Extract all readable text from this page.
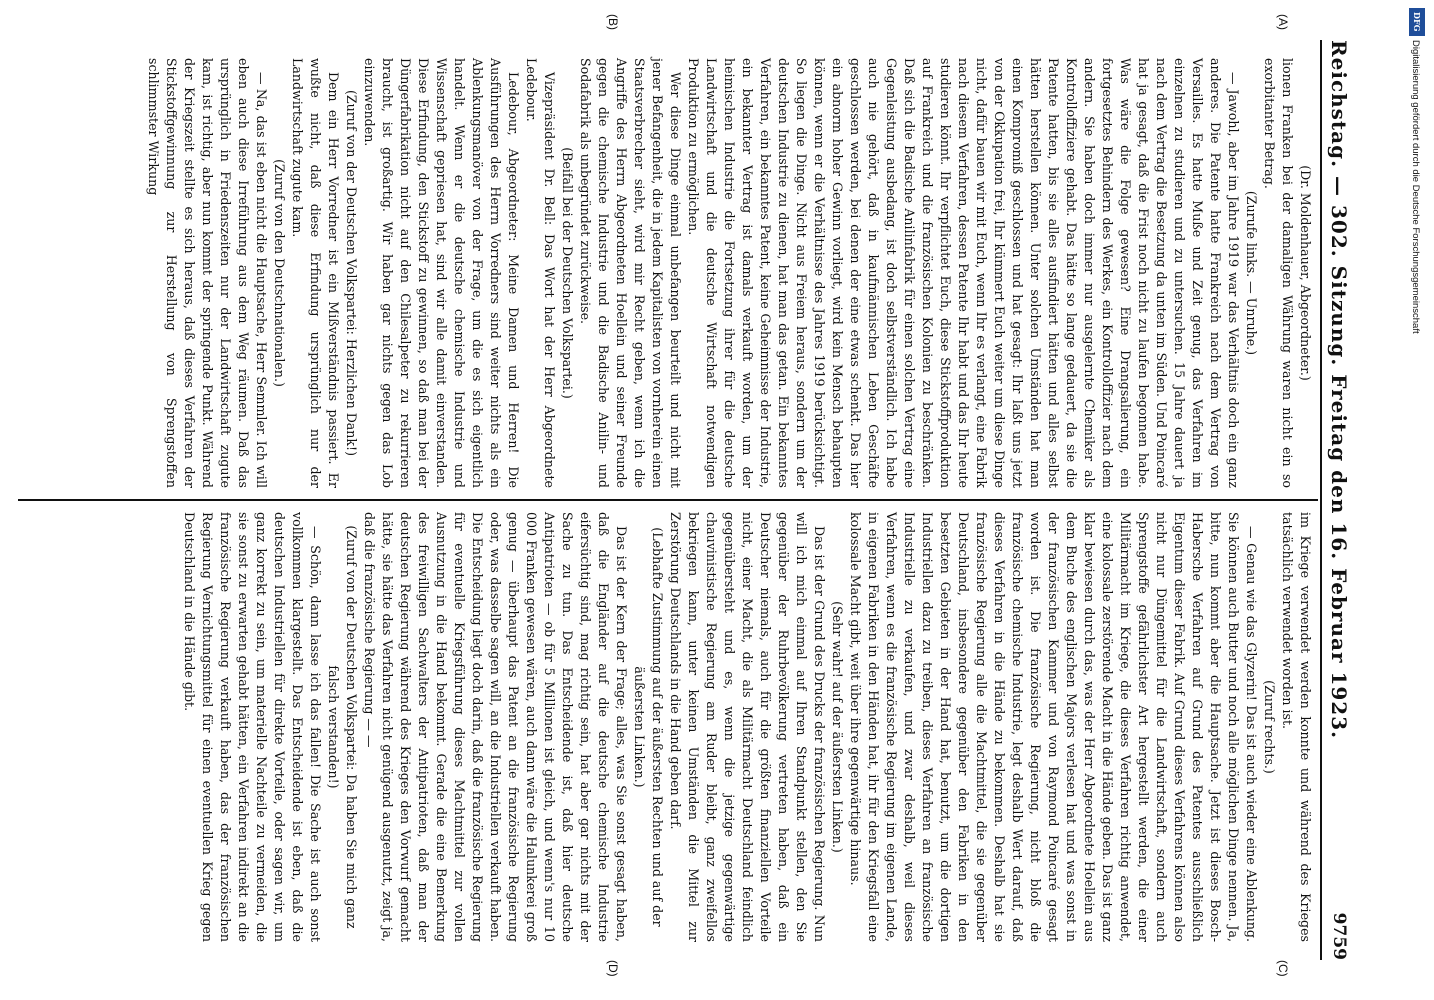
Reichstag. — 302. Sitzung. Freitag den 16. Februar 1923.
9759
(A)
(B)
(C)
(D)

(Dr. Moldenhauer, Abgeordneter.)

lionen Franken bei der damaligen Währung waren nicht ein so exorbitanter Betrag.

(Zurufe links. — Unruhe.)

— Jawohl, aber im Jahre 1919 war das Verhältnis doch ein ganz anderes. Die Patente hatte Frankreich nach dem Vertrag von Versailles. Es hatte Muße und Zeit genug, das Verfahren im einzelnen zu studieren und zu untersuchen. 15 Jahre dauert ja nach dem Vertrag die Besetzung da unten im Süden. Und Poincaré hat ja gesagt, daß die Frist noch nicht zu laufen begonnen habe. Was wäre die Folge gewesen? Eine Drangsalierung, ein fortgesetztes Behindern des Werkes, ein Kontrolloffizier nach dem andern. Sie haben doch immer nur ausgelernte Chemiker als Kontrolloffiziere gehabt. Das hätte so lange gedauert, da sie die Patente hatten, bis sie alles ausfindiert hätten und alles selbst hätten herstellen können. Unter solchen Umständen hat man einen Kompromiß geschlossen und hat gesagt: Ihr laßt uns jetzt von der Okkupation frei, Ihr kümmert Euch weiter um diese Dinge nicht, dafür bauen wir mit Euch, wenn Ihr es verlangt, eine Fabrik nach diesem Verfahren, dessen Patente Ihr habt und das Ihr heute studieren könnt. Ihr verpflichtet Euch, diese Stickstoffproduktion auf Frankreich und die französischen Kolonien zu beschränken. Daß sich die Badische Anilinfabrik für einen solchen Vertrag eine Gegenleistung ausbedang, ist doch selbstverständlich. Ich habe auch nie gehört, daß in kaufmännischen Leben Geschäfte geschlossen werden, bei denen der eine etwas schenkt. Das hier ein abnorm hoher Gewinn vorliegt, wird kein Mensch behaupten können, wenn er die Verhältnisse des Jahres 1919 berücksichtigt. So liegen die Dinge. Nicht aus Freiem heraus, sondern um der deutschen Industrie zu dienen, hat man das getan. Ein bekanntes Verfahren, ein bekanntes Patent, keine Geheimnisse der Industrie, ein bekannter Vertrag ist damals verkauft worden, um der heimischen Industrie die Fortsetzung ihrer für die deutsche Landwirtschaft und die deutsche Wirtschaft notwendigen Produktion zu ermöglichen.

Wer diese Dinge einmal unbefangen beurteilt und nicht mit jener Befangenheit, die in jedem Kapitalisten von vornherein einen Staatsverbrecher sieht, wird mir Recht geben, wenn ich die Angriffe des Herrn Abgeordneten Hoellein und seiner Freunde gegen die chemische Industrie und die Badische Anilin- und Sodafabrik als unbegründet zurückweise.

(Beifall bei der Deutschen Volkspartei.)

Vizepräsident Dr. Bell: Das Wort hat der Herr Abgeordnete Ledebour.

Ledebour, Abgeordneter: Meine Damen und Herren! Die Ausführungen des Herrn Vorredners sind weiter nichts als ein Ablenkungsmanöver von der Frage, um die es sich eigentlich handelt. Wenn er die deutsche chemische Industrie und Wissenschaft gepriesen hat, sind wir alle damit einverstanden. Diese Erfindung, den Stickstoff zu gewinnen, so daß man bei der Düngerfabrikation nicht auf den Chilesalpeter zu rekurrieren braucht, ist großartig. Wir haben gar nichts gegen das Lob einzuwenden.

(Zuruf von der Deutschen Volkspartei: Herzlichen Dank!)

Dem ein Herr Vorredner ist ein Mißverständnis passiert. Er wußte nicht, daß diese Erfindung ursprünglich nur der Landwirtschaft zugute kam.

(Zuruf von den Deutschnationalen.)

— Na, das ist eben nicht die Hauptsache, Herr Semmler. Ich will eben auch diese Irreführung aus dem Weg räumen. Daß das ursprünglich in Friedenszeiten nur der Landwirtschaft zugute kam, ist richtig, aber nun kommt der springende Punkt. Während der Kriegszeit stellte es sich heraus, daß dieses Verfahren der Stickstoffgewinnung zur Herstellung von Sprengstoffen schlimmster Wirkung

im Kriege verwendet werden konnte und während des Krieges tatsächlich verwendet worden ist.

(Zuruf rechts.)

— Genau wie das Glyzerin! Das ist auch wieder eine Ablenkung. Sie können auch Butter und noch alle möglichen Dinge nennen. Ja, bitte, nun kommt aber die Hauptsache. Jetzt ist dieses Bosch-Habersche Verfahren auf Grund des Patentes ausschließlich Eigentum dieser Fabrik. Auf Grund dieses Verfahrens können also nicht nur Düngemittel für die Landwirtschaft, sondern auch Sprengstoffe gefährlichster Art hergestellt werden, die einer Militärmacht im Kriege, die dieses Verfahren richtig anwendet, eine kolossale zerstörende Macht in die Hände geben. Das ist ganz klar bewiesen durch das, was der Herr Abgeordnete Hoellein aus dem Buche des englischen Majors verlesen hat und was sonst in der französischen Kammer und von Raymond Poincaré gesagt worden ist. Die französische Regierung, nicht bloß die französische chemische Industrie, legt deshalb Wert darauf, daß dieses Verfahren in die Hände zu bekommen. Deshalb hat sie französische Regierung alle die Machtmittel, die sie gegenüber Deutschland, insbesondere gegenüber den Fabriken in den besetzten Gebieten in der Hand hat, benutzt, um die dortigen Industriellen dazu zu treiben, dieses Verfahren an französische Industrielle zu verkaufen, und zwar deshalb, weil dieses Verfahren, wenn es die französische Regierung im eigenen Lande, in eigenen Fabriken in den Händen hat, ihr für den Kriegsfall eine kolossale Macht gibt, weit über ihre gegenwärtige hinaus.

(Sehr wahr! auf der äußersten Linken.)

Das ist der Grund des Drucks der französischen Regierung. Nun will ich mich einmal auf Ihren Standpunkt stellen, den Sie gegenüber der Ruhrbevölkerung vertreten haben, daß ein Deutscher niemals, auch für die größten finanziellen Vorteile nicht, einer Macht, die als Militärmacht Deutschland feindlich gegenübersteht und es, wenn die jetzige gegenwärtige chauvinistische Regierung am Ruder bleibt, ganz zweifellos bekriegen kann, unter keinen Umständen die Mittel zur Zerstörung Deutschlands in die Hand geben darf.

(Lebhafte Zustimmung auf der äußersten Rechten und auf der äußersten Linken.)

Das ist der Kern der Frage; alles, was Sie sonst gesagt haben, daß die Engländer auf die deutsche chemische Industrie eifersüchtig sind, mag richtig sein, hat aber gar nichts mit der Sache zu tun. Das Entscheidende ist, daß hier deutsche Antipatrioten — ob für 5 Millionen ist gleich, und wenn's nur 10 000 Franken gewesen wären, auch dann wäre die Halunkerei groß genug — überhaupt das Patent an die französische Regierung oder, was dasselbe sagen will, an die Industriellen verkauft haben. Die Entscheidung liegt doch darin, daß die französische Regierung für eventuelle Kriegsführung dieses Machtmittel zur vollen Ausnutzung in die Hand bekommt. Gerade die eine Bemerkung des freiwilligen Sachwalters der Antipatrioten, daß man der deutschen Regierung während des Krieges den Vorwurf gemacht hätte, sie hätte das Verfahren nicht genügend ausgenutzt, zeigt ja, daß die französische Regierung — —

(Zuruf von der Deutschen Volkspartei: Da haben Sie mich ganz falsch verstanden!)

— Schön, dann lasse ich das fallen! Die Sache ist auch sonst vollkommen klargestellt. Das Entscheidende ist eben, daß die deutschen Industriellen für direkte Vorteile, oder sagen wir, um ganz korrekt zu sein, um materielle Nachteile zu vermeiden, die sie sonst zu erwarten gehabt hätten, ein Verfahren indirekt an die französische Regierung verkauft haben, das der französischen Regierung Vernichtungsmittel für einen eventuellen Krieg gegen Deutschland in die Hände gibt.

DFG
Digitalisierung gefördert durch die Deutsche Forschungsgemeinschaft
